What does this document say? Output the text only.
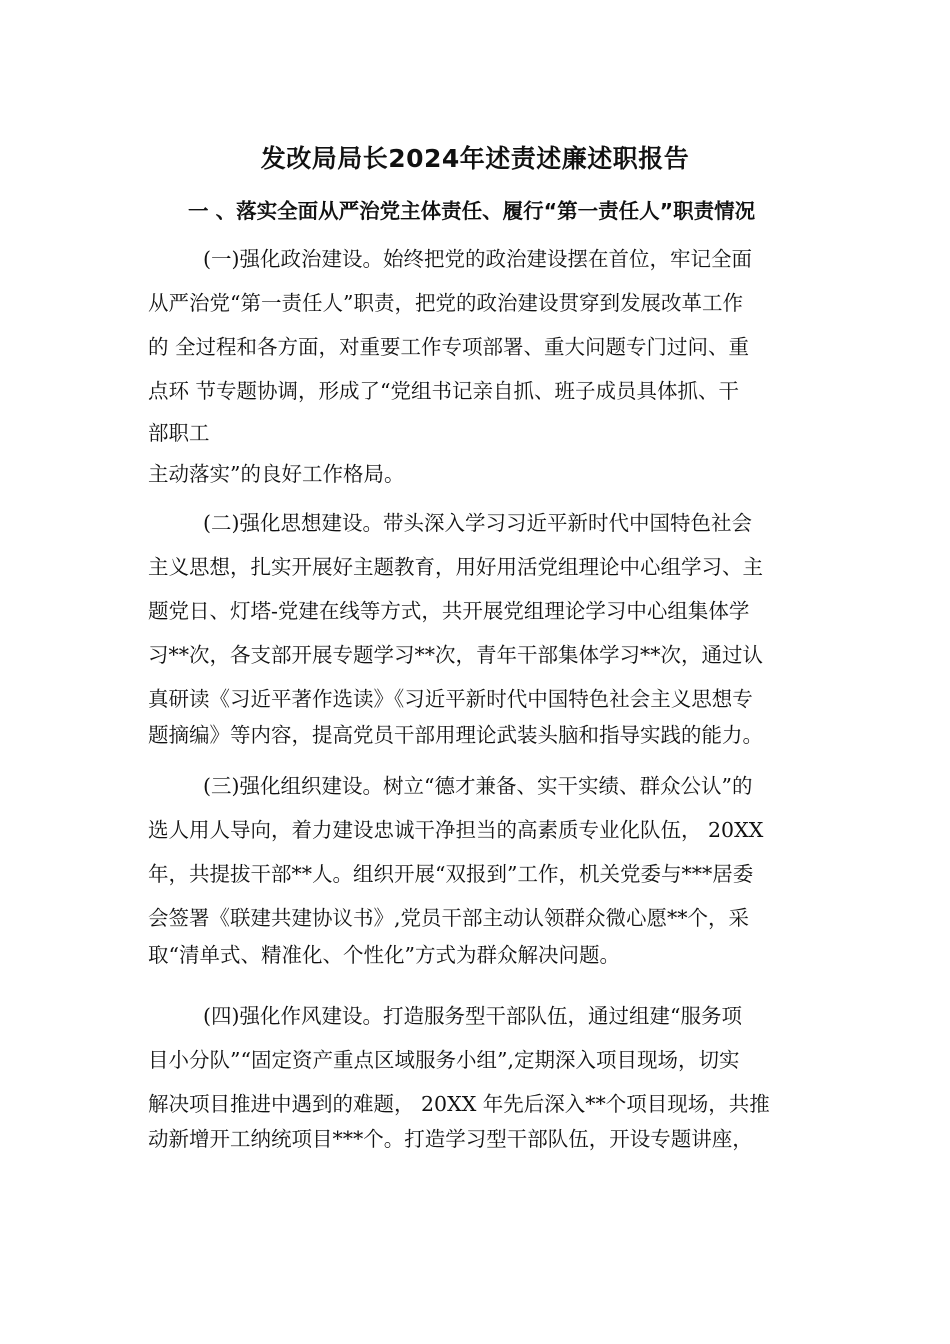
发改局局长2024年述责述廉述职报告
一 、落实全面从严治党主体责任、履行“第一责任人”职责情况
(一)强化政治建设。始终把党的政治建设摆在首位，牢记全面
从严治党“第一责任人”职责，把党的政治建设贯穿到发展改革工作
的 全过程和各方面，对重要工作专项部署、重大问题专门过问、重
点环 节专题协调，形成了“党组书记亲自抓、班子成员具体抓、干
部职工
主动落实”的良好工作格局。
(二)强化思想建设。带头深入学习习近平新时代中国特色社会
主义思想，扎实开展好主题教育，用好用活党组理论中心组学习、主
题党日、灯塔-党建在线等方式，共开展党组理论学习中心组集体学
习**次，各支部开展专题学习**次，青年干部集体学习**次，通过认
真研读《习近平著作选读》《习近平新时代中国特色社会主义思想专
题摘编》等内容，提高党员干部用理论武装头脑和指导实践的能力。
(三)强化组织建设。树立“德才兼备、实干实绩、群众公认”的
选人用人导向，着力建设忠诚干净担当的高素质专业化队伍， 20XX
年，共提拔干部**人。组织开展“双报到”工作，机关党委与***居委
会签署《联建共建协议书》,党员干部主动认领群众微心愿**个，采
取“清单式、精准化、个性化”方式为群众解决问题。
(四)强化作风建设。打造服务型干部队伍，通过组建“服务项
目小分队”“固定资产重点区域服务小组”,定期深入项目现场，切实
解决项目推进中遇到的难题， 20XX 年先后深入**个项目现场，共推
动新增开工纳统项目***个。打造学习型干部队伍，开设专题讲座，
